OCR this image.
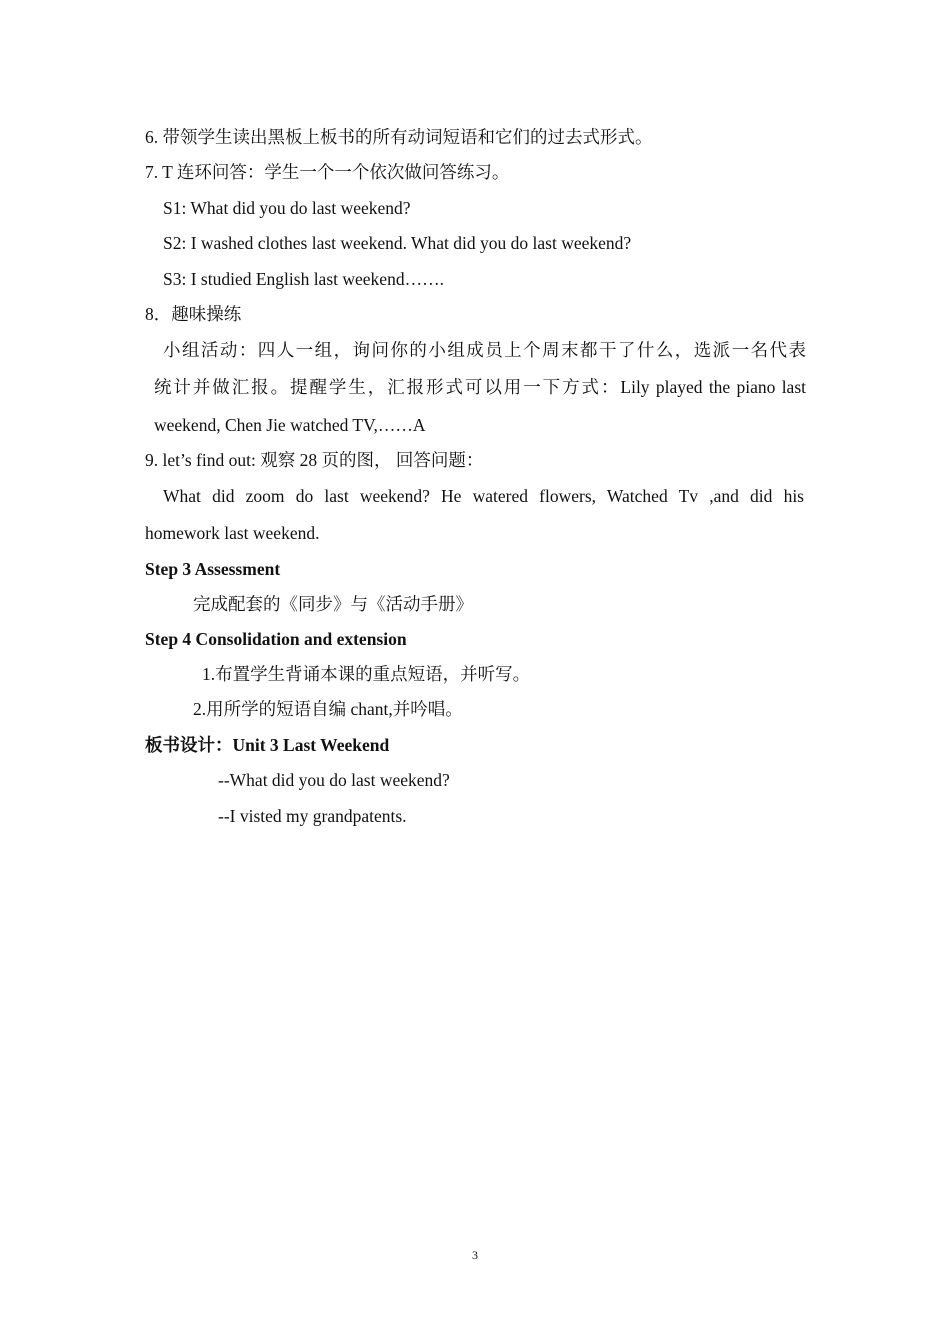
6. 带领学生读出黑板上板书的所有动词短语和它们的过去式形式。
7. T 连环问答：学生一个一个依次做问答练习。
S1: What did you do last weekend?
S2: I washed clothes last weekend. What did you do last weekend?
S3: I studied English last weekend…….
8．趣味操练
小组活动：四人一组，询问你的小组成员上个周末都干了什么，选派一名代表
统计并做汇报。提醒学生，汇报形式可以用一下方式：Lily played the piano last
weekend, Chen Jie watched TV,……A
9. let’s find out: 观察 28 页的图， 回答问题：
What did zoom do last weekend? He watered flowers, Watched Tv ,and did his
homework last weekend.
Step 3 Assessment
完成配套的《同步》与《活动手册》
Step 4 Consolidation and extension
1.布置学生背诵本课的重点短语，并听写。
2.用所学的短语自编 chant,并吟唱。
板书设计：Unit 3 Last Weekend
--What did you do last weekend?
--I visted my grandpatents.
3
